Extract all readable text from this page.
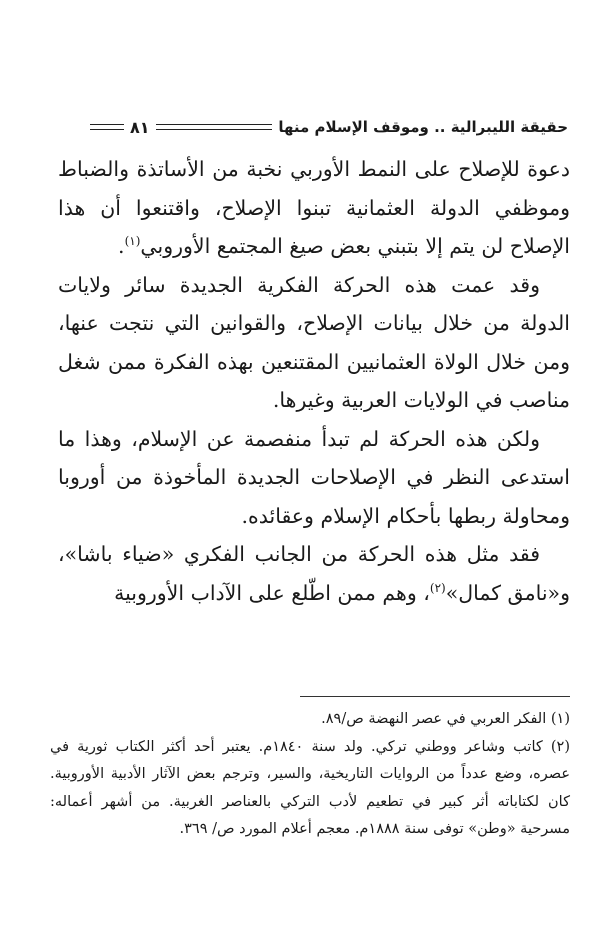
حقيقة الليبرالية .. وموقف الإسلام منها
٨١

دعوة للإصلاح على النمط الأوربي نخبة من الأساتذة والضباط وموظفي الدولة العثمانية تبنوا الإصلاح، واقتنعوا أن هذا الإصلاح لن يتم إلا بتبني بعض صيغ المجتمع الأوروبي$^{(١)}$.

وقد عمت هذه الحركة الفكرية الجديدة سائر ولايات الدولة من خلال بيانات الإصلاح، والقوانين التي نتجت عنها، ومن خلال الولاة العثمانيين المقتنعين بهذه الفكرة ممن شغل مناصب في الولايات العربية وغيرها.

ولكن هذه الحركة لم تبدأ منفصمة عن الإسلام، وهذا ما استدعى النظر في الإصلاحات الجديدة المأخوذة من أوروبا ومحاولة ربطها بأحكام الإسلام وعقائده.

فقد مثل هذه الحركة من الجانب الفكري «ضياء باشا»، و«نامق كمال»$^{(٢)}$، وهم ممن اطّلع على الآداب الأوروبية

(١) الفكر العربي في عصر النهضة ص/٨٩.

(٢) كاتب وشاعر ووطني تركي. ولد سنة ١٨٤٠م. يعتبر أحد أكثر الكتاب ثورية في عصره، وضع عدداً من الروايات التاريخية، والسير، وترجم بعض الآثار الأدبية الأوروبية. كان لكتاباته أثر كبير في تطعيم لأدب التركي بالعناصر الغربية. من أشهر أعماله: مسرحية «وطن» توفى سنة ١٨٨٨م. معجم أعلام المورد ص/ ٣٦٩.
